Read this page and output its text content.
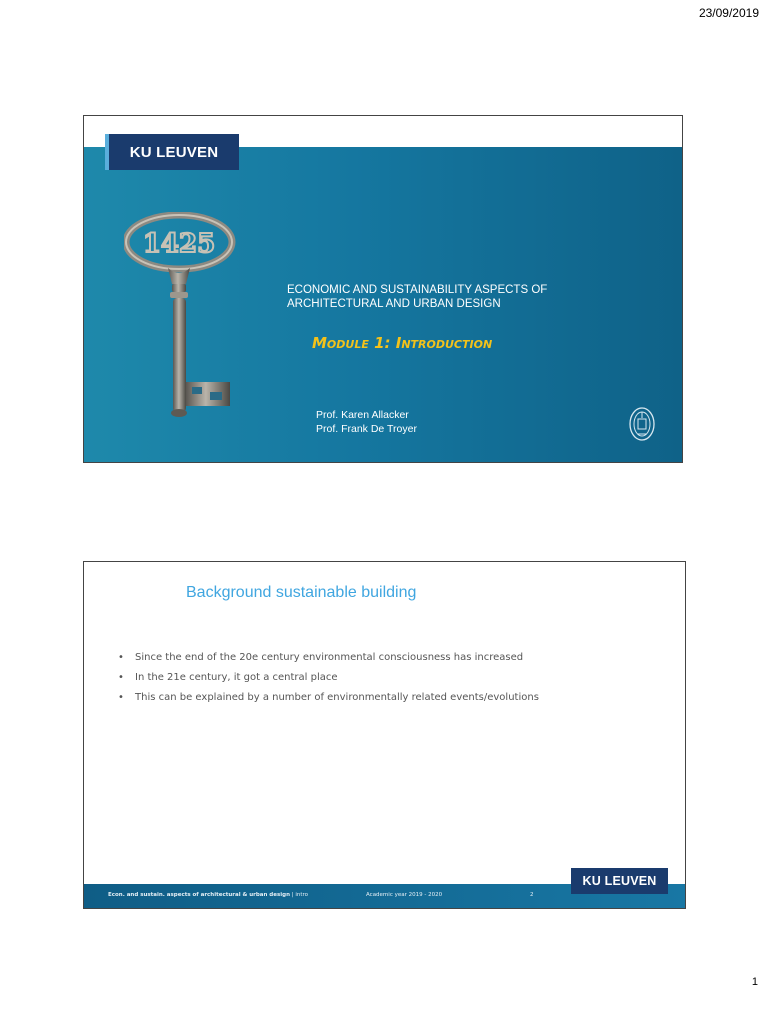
23/09/2019
KU LEUVEN
1425
ECONOMIC AND SUSTAINABILITY ASPECTS OF
ARCHITECTURAL AND URBAN DESIGN
Module 1: Introduction
Prof. Karen Allacker
Prof. Frank De Troyer
Background sustainable building
• Since the end of the 20e century environmental consciousness has increased
• In the 21e century, it got a central place
• This can be explained by a number of environmentally related events/evolutions
Econ. and sustain. aspects of architectural & urban design | intro	Academic year 2019 - 2020	2
KU LEUVEN
1
